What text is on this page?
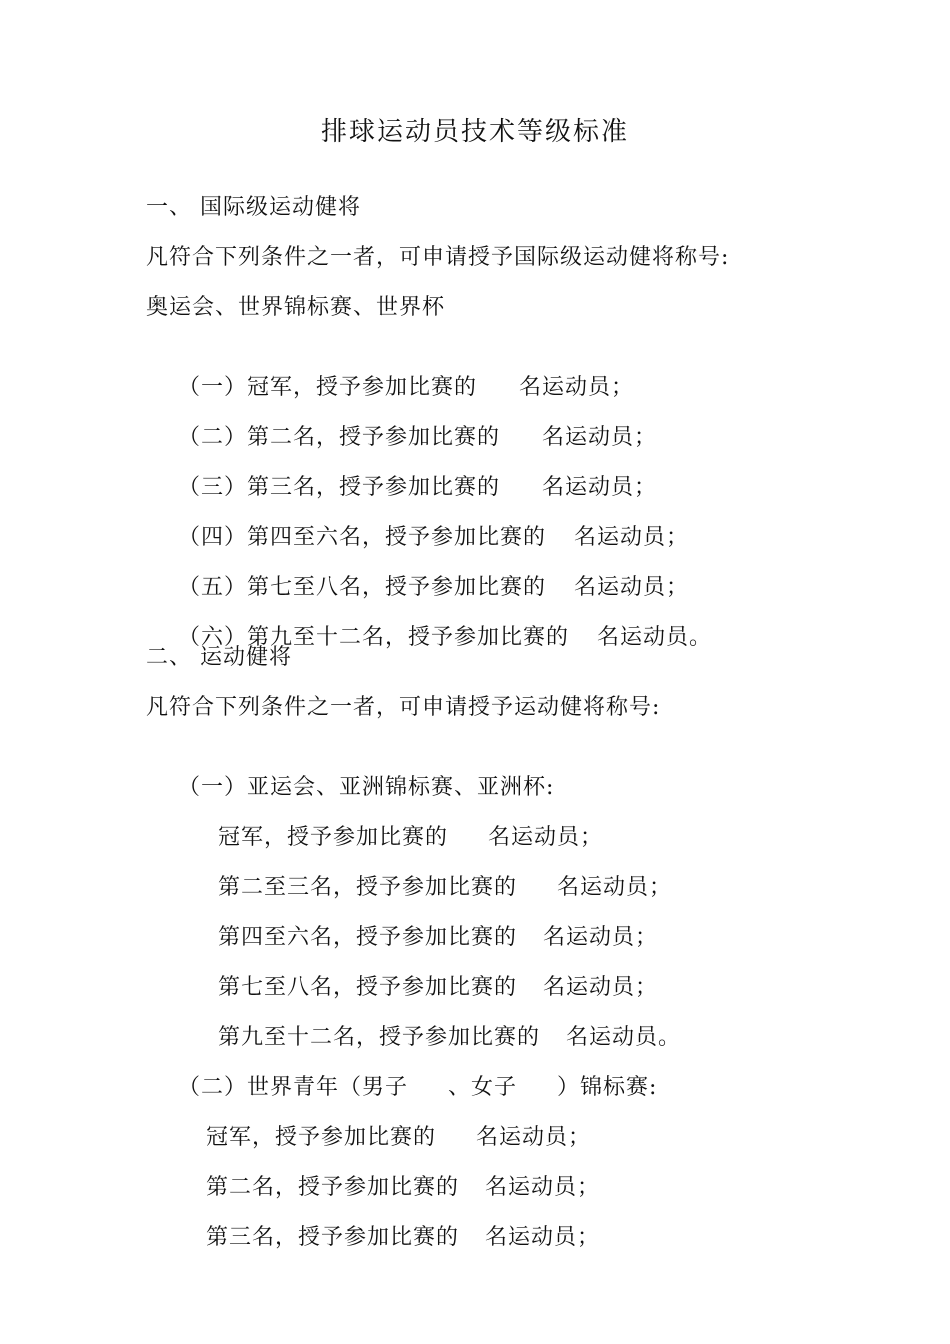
排球运动员技术等级标准
一、 国际级运动健将
凡符合下列条件之一者，可申请授予国际级运动健将称号:
奥运会、世界锦标赛、世界杯

（一）冠军，授予参加比赛的 名运动员；

（二）第二名，授予参加比赛的 名运动员；

（三）第三名，授予参加比赛的 名运动员；

（四）第四至六名，授予参加比赛的 名运动员；

（五）第七至八名，授予参加比赛的 名运动员；

（六）第九至十二名，授予参加比赛的 名运动员。

二、 运动健将
凡符合下列条件之一者，可申请授予运动健将称号:

（一）亚运会、亚洲锦标赛、亚洲杯:

冠军，授予参加比赛的 名运动员；

第二至三名，授予参加比赛的 名运动员；

第四至六名，授予参加比赛的 名运动员；

第七至八名，授予参加比赛的 名运动员；

第九至十二名，授予参加比赛的 名运动员。

（二）世界青年（男子 、女子 ）锦标赛:

冠军，授予参加比赛的 名运动员；

第二名，授予参加比赛的 名运动员；

第三名，授予参加比赛的 名运动员；
